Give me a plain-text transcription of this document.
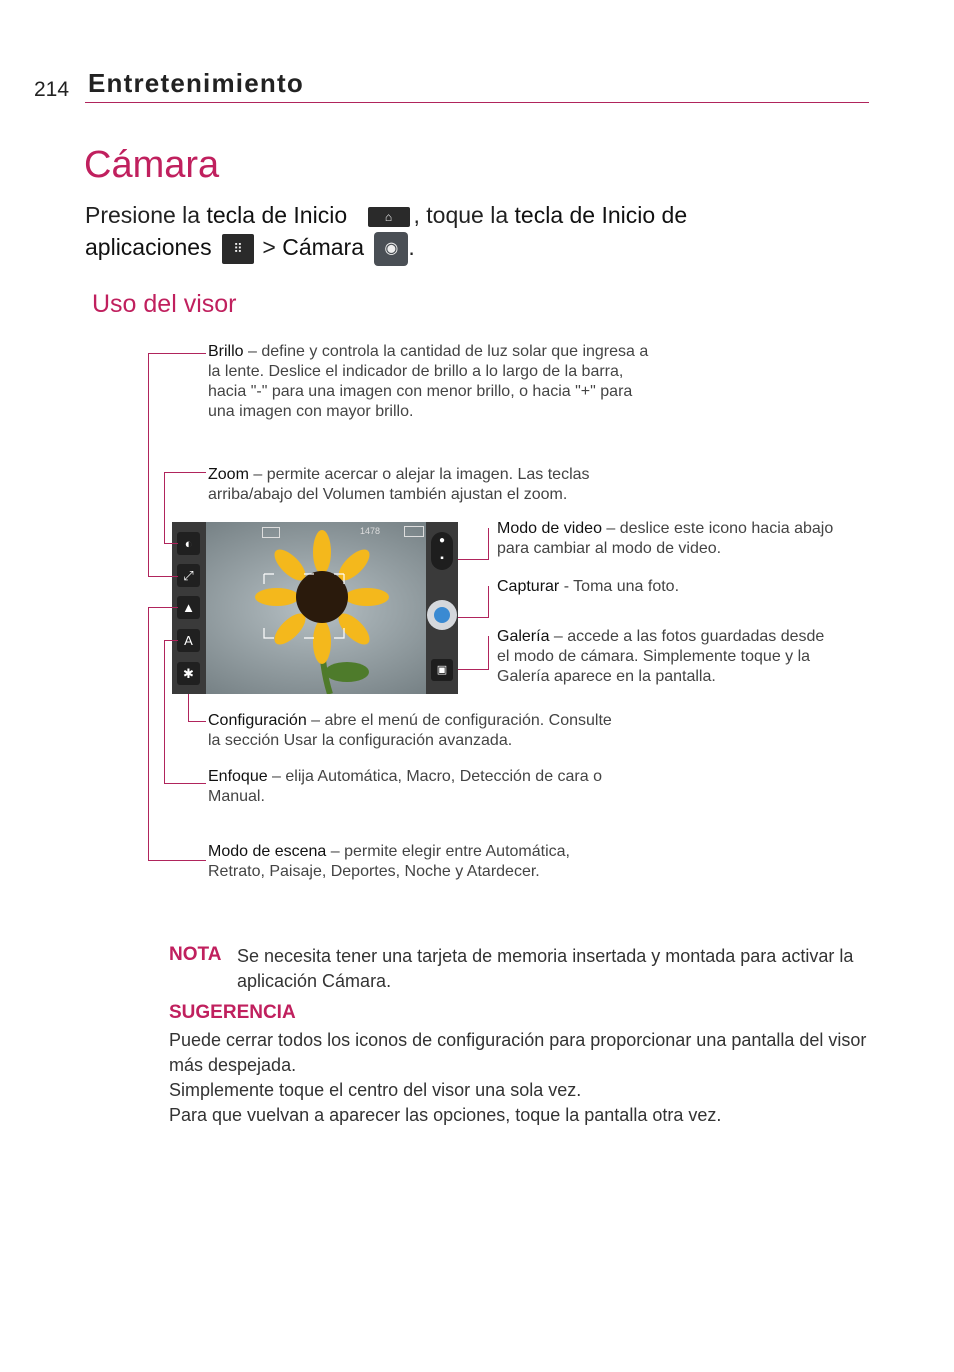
214 Entretenimiento
Cámara
Presione la tecla de Inicio	⌂ , toque la tecla de Inicio de
aplicaciones ⠿ > Cámara ◉ .
Uso del visor
1478
◐
⤢
▲
A
✱
●
▪
▣
Brillo – define y controla la cantidad de luz solar que ingresa a la lente. Deslice el indicador de brillo a lo largo de la barra, hacia "-" para una imagen con menor brillo, o hacia "+" para una imagen con mayor brillo.
Zoom – permite acercar o alejar la imagen. Las teclas arriba/abajo del Volumen también ajustan el zoom.
Modo de video – deslice este icono hacia abajo para cambiar al modo de video.
Capturar - Toma una foto.
Galería – accede a las fotos guardadas desde el modo de cámara. Simplemente toque y la Galería aparece en la pantalla.
Configuración – abre el menú de configuración. Consulte la sección Usar la configuración avanzada.
Enfoque – elija Automática, Macro, Detección de cara o Manual.
Modo de escena – permite elegir entre Automática, Retrato, Paisaje, Deportes, Noche y Atardecer.
NOTA Se necesita tener una tarjeta de memoria insertada y montada para activar la aplicación Cámara.
SUGERENCIA
Puede cerrar todos los iconos de configuración para proporcionar una pantalla del visor más despejada.
Simplemente toque el centro del visor una sola vez.
Para que vuelvan a aparecer las opciones, toque la pantalla otra vez.
